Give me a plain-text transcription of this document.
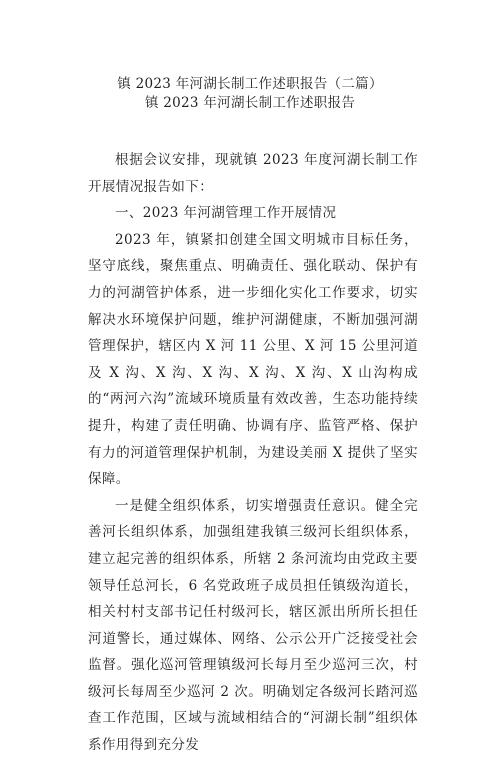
镇 2023 年河湖长制工作述职报告（二篇）
镇 2023 年河湖长制工作述职报告

根据会议安排，现就镇 2023 年度河湖长制工作开展情况报告如下：

一、2023 年河湖管理工作开展情况

2023 年，镇紧扣创建全国文明城市目标任务，坚守底线，聚焦重点、明确责任、强化联动、保护有力的河湖管护体系，进一步细化实化工作要求，切实解决水环境保护问题，维护河湖健康，不断加强河湖管理保护，辖区内 X 河 11 公里、X 河 15 公里河道及 X 沟、X 沟、X 沟、X 沟、X 沟、X 山沟构成的“两河六沟”流域环境质量有效改善，生态功能持续提升，构建了责任明确、协调有序、监管严格、保护有力的河道管理保护机制，为建设美丽 X 提供了坚实保障。

一是健全组织体系，切实增强责任意识。健全完善河长组织体系，加强组建我镇三级河长组织体系，建立起完善的组织体系，所辖 2 条河流均由党政主要领导任总河长，6 名党政班子成员担任镇级沟道长，相关村村支部书记任村级河长，辖区派出所所长担任河道警长，通过媒体、网络、公示公开广泛接受社会监督。强化巡河管理镇级河长每月至少巡河三次，村级河长每周至少巡河 2 次。明确划定各级河长踏河巡查工作范围，区域与流域相结合的“河湖长制”组织体系作用得到充分发
